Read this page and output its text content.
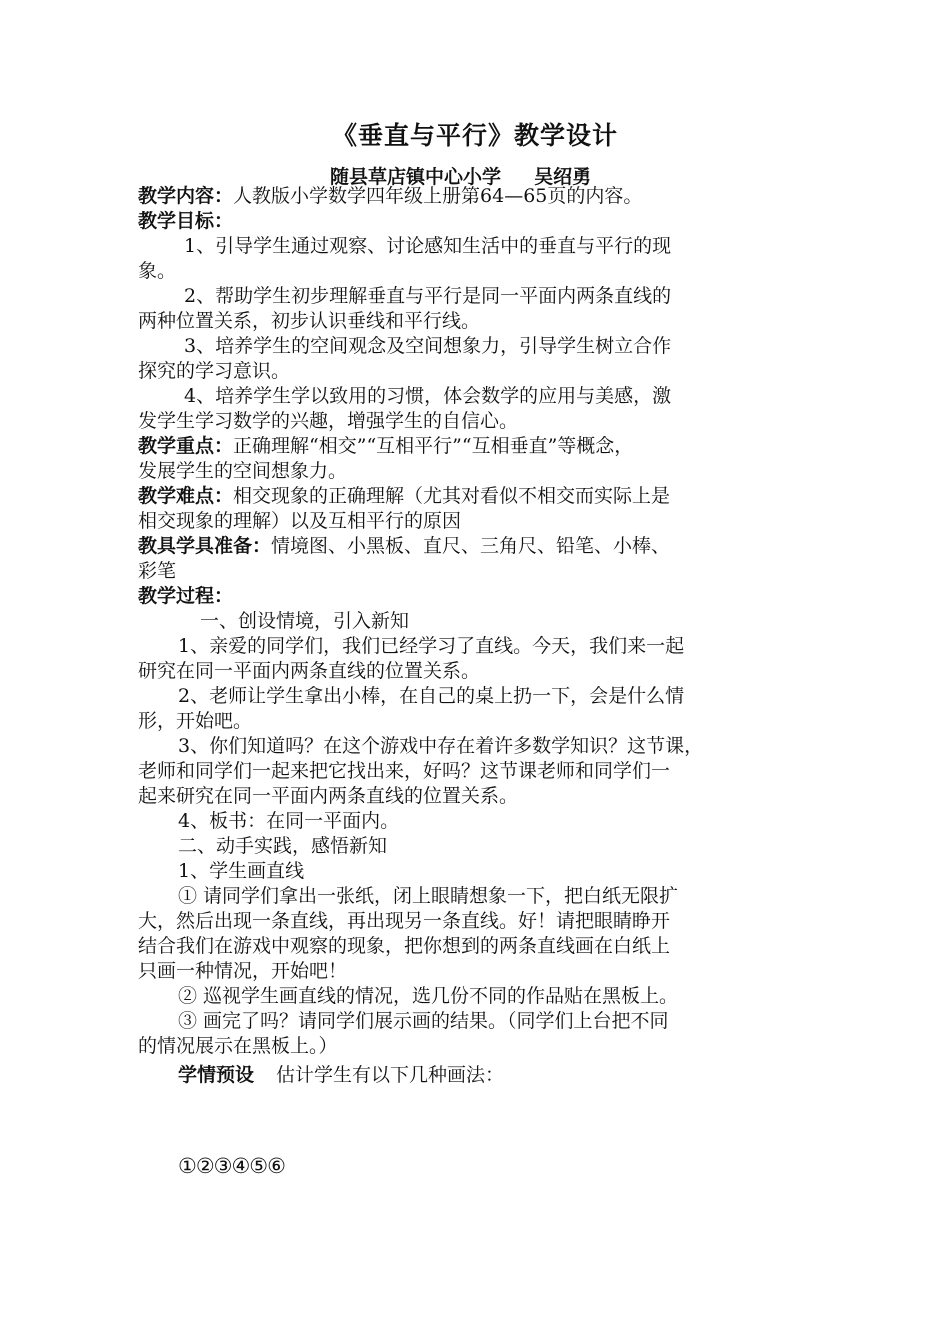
《垂直与平行》教学设计
随县草店镇中心小学     吴绍勇
教学内容：人教版小学数学四年级上册第64—65页的内容。
教学目标：
1、引导学生通过观察、讨论感知生活中的垂直与平行的现
象。
2、帮助学生初步理解垂直与平行是同一平面内两条直线的
两种位置关系，初步认识垂线和平行线。
3、培养学生的空间观念及空间想象力，引导学生树立合作
探究的学习意识。
4、培养学生学以致用的习惯，体会数学的应用与美感，激
发学生学习数学的兴趣，增强学生的自信心。
教学重点：正确理解“相交”“互相平行”“互相垂直”等概念，
发展学生的空间想象力。
教学难点：相交现象的正确理解（尤其对看似不相交而实际上是
相交现象的理解）以及互相平行的原因
教具学具准备：情境图、小黑板、直尺、三角尺、铅笔、小棒、
彩笔
教学过程：
一、创设情境，引入新知
1、亲爱的同学们，我们已经学习了直线。今天，我们来一起
研究在同一平面内两条直线的位置关系。
2、老师让学生拿出小棒，在自己的桌上扔一下，会是什么情
形，开始吧。
3、你们知道吗？在这个游戏中存在着许多数学知识？这节课，
老师和同学们一起来把它找出来，好吗？这节课老师和同学们一
起来研究在同一平面内两条直线的位置关系。
4、板书：在同一平面内。
二、动手实践，感悟新知
1、学生画直线
① 请同学们拿出一张纸，闭上眼睛想象一下，把白纸无限扩
大，然后出现一条直线，再出现另一条直线。好！请把眼睛睁开
结合我们在游戏中观察的现象，把你想到的两条直线画在白纸上
只画一种情况，开始吧！
② 巡视学生画直线的情况，选几份不同的作品贴在黑板上。
③ 画完了吗？请同学们展示画的结果。（同学们上台把不同
的情况展示在黑板上。）
学情预设 估计学生有以下几种画法：
①②③④⑤⑥
